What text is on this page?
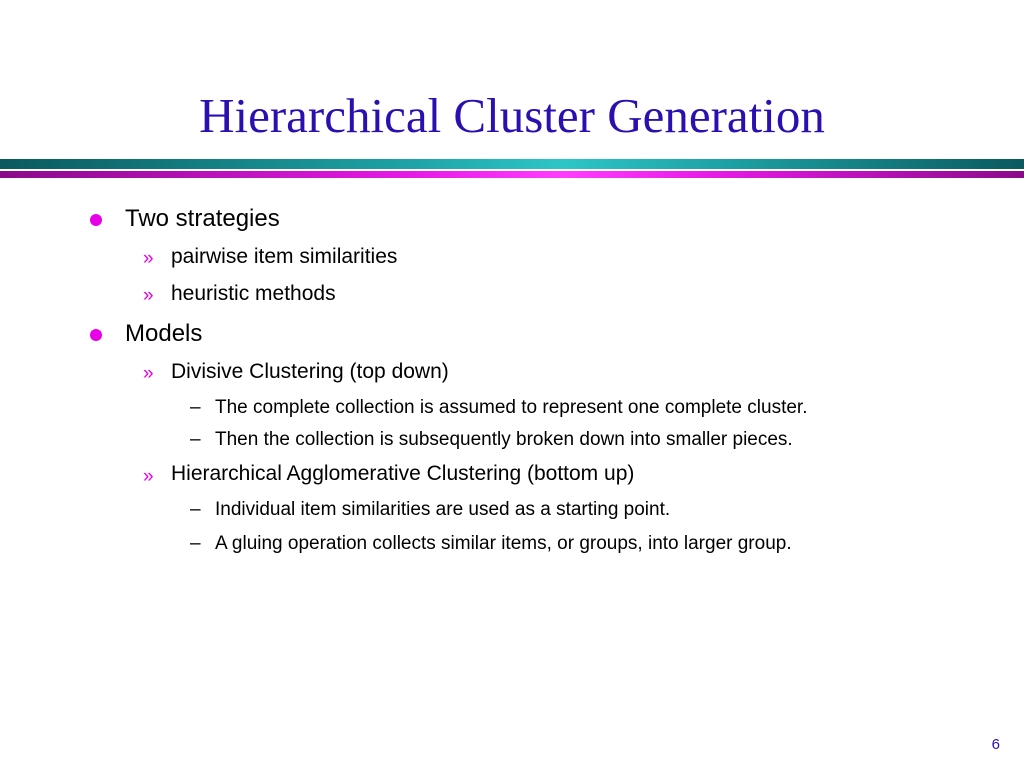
Hierarchical Cluster Generation
Two strategies
» pairwise item similarities
» heuristic methods
Models
» Divisive Clustering (top down)
– The complete collection is assumed to represent one complete cluster.
– Then the collection is subsequently broken down into smaller pieces.
» Hierarchical Agglomerative Clustering (bottom up)
– Individual item similarities are used as a starting point.
– A gluing operation collects similar items, or groups, into larger group.
6
